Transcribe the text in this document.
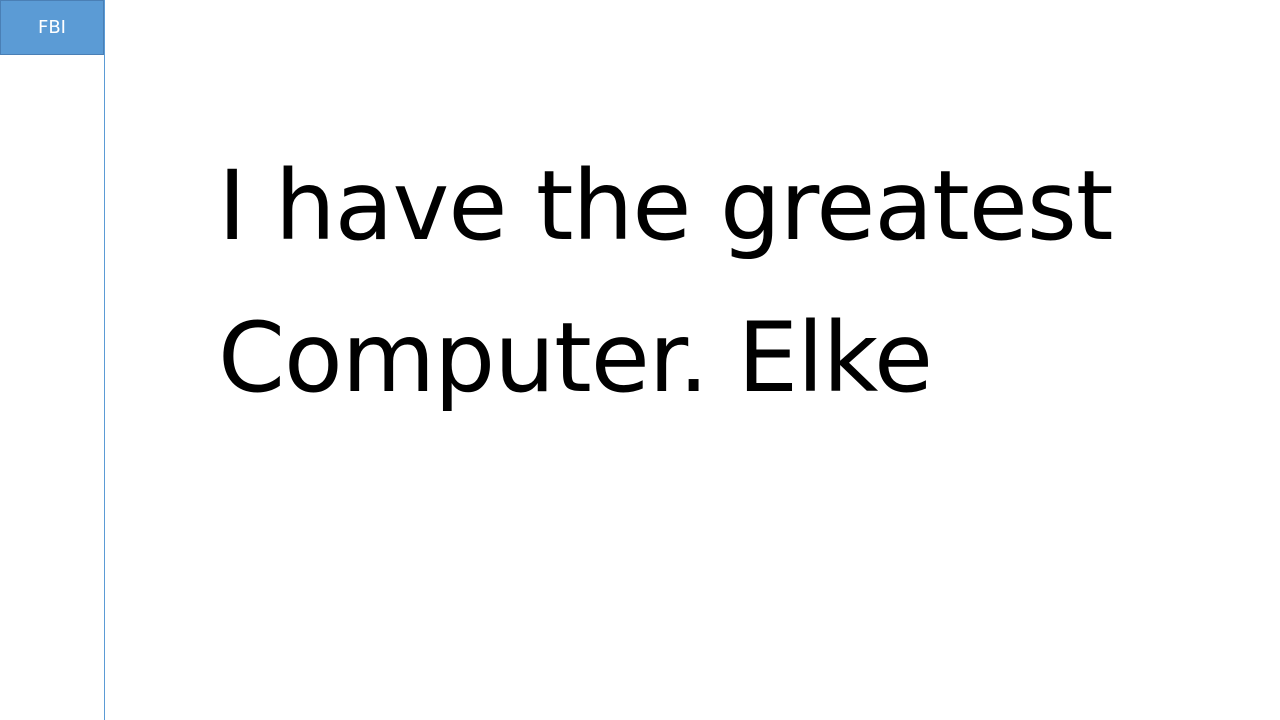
FBI

I have the greatest
Computer. Elke
